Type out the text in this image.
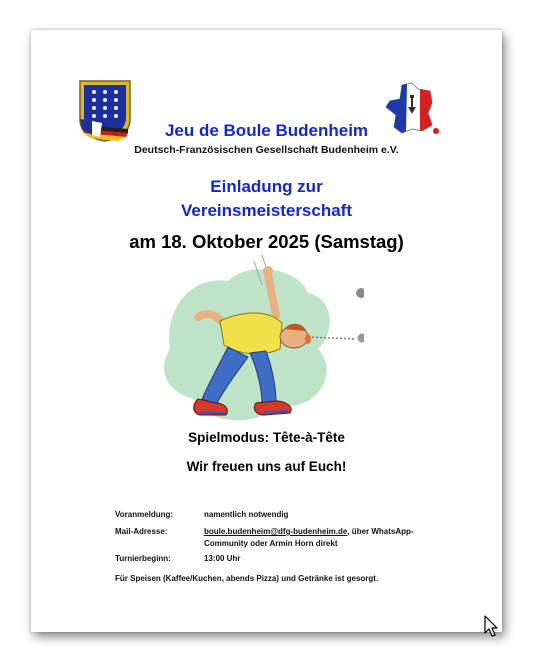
Jeu de Boule Budenheim
Deutsch-Französischen Gesellschaft Budenheim e.V.
Einladung zur
Vereinsmeisterschaft
am 18. Oktober 2025 (Samstag)
Spielmodus: Tête-à-Tête
Wir freuen uns auf Euch!
Voranmeldung:	namentlich notwendig
Mail-Adresse:	boule.budenheim@dfg-budenheim.de, über WhatsApp-
Community oder Armin Horn direkt
Turnierbeginn:	13:00 Uhr
Für Speisen (Kaffee/Kuchen, abends Pizza) und Getränke ist gesorgt.
